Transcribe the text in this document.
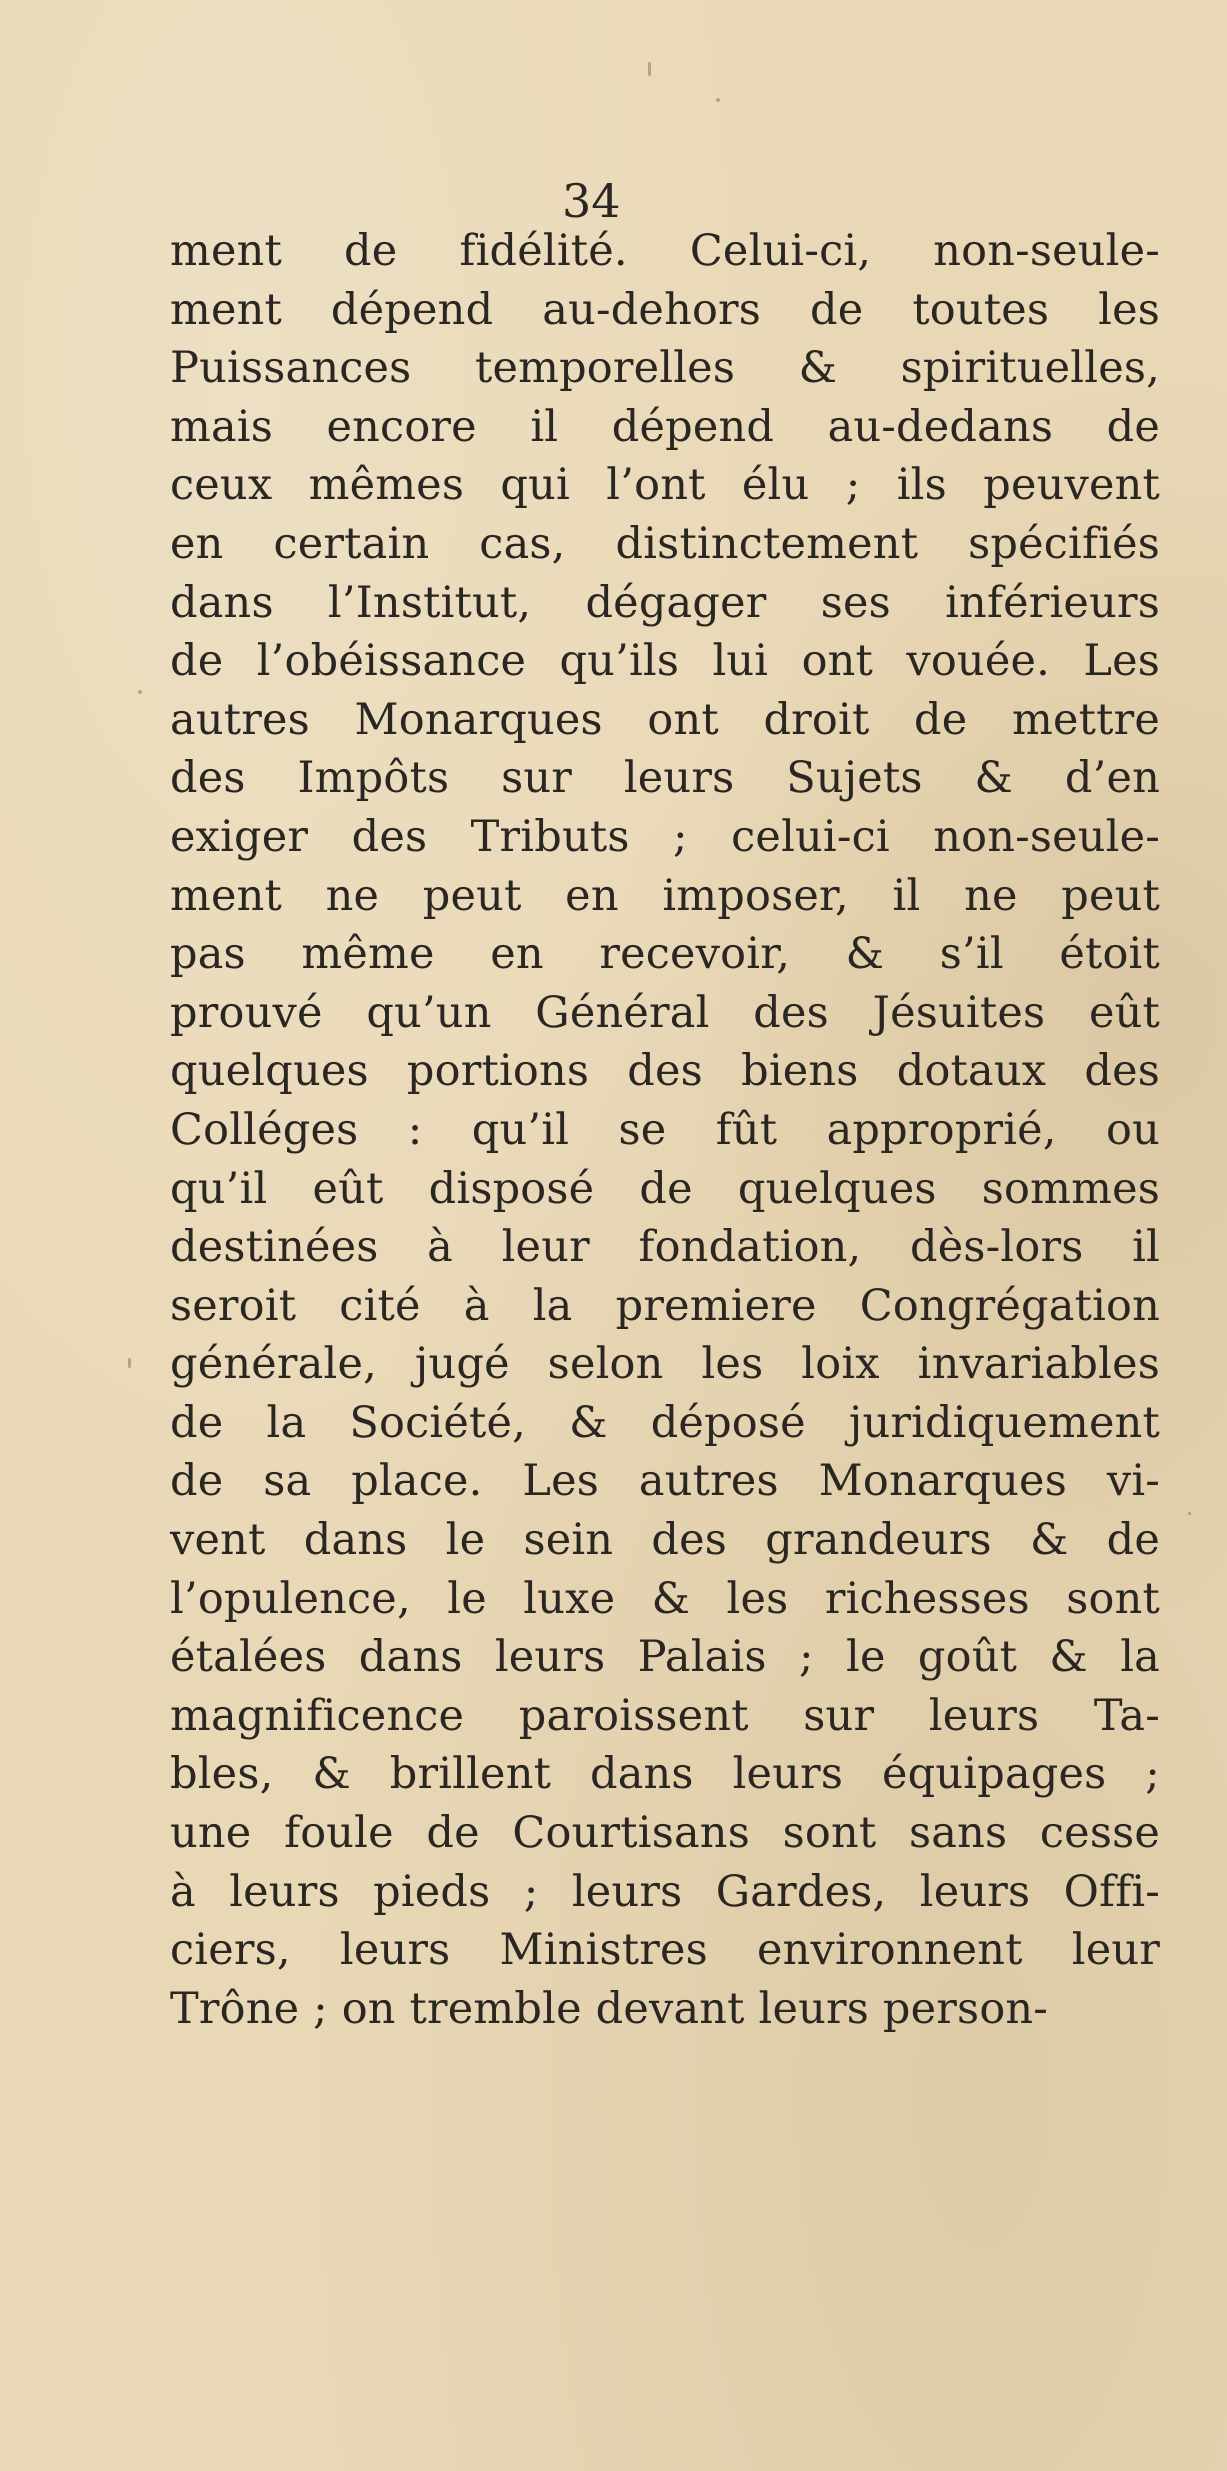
34
ment de fidélité. Celui-ci, non-seule-
ment dépend au-dehors de toutes les
Puissances temporelles & spirituelles,
mais encore il dépend au-dedans de
ceux mêmes qui l’ont élu ; ils peuvent
en certain cas, distinctement spécifiés
dans l’Institut, dégager ses inférieurs
de l’obéissance qu’ils lui ont vouée. Les
autres Monarques ont droit de mettre
des Impôts sur leurs Sujets & d’en
exiger des Tributs ; celui-ci non-seule-
ment ne peut en imposer, il ne peut
pas même en recevoir, & s’il étoit
prouvé qu’un Général des Jésuites eût
quelques portions des biens dotaux des
Colléges : qu’il se fût approprié, ou
qu’il eût disposé de quelques sommes
destinées à leur fondation, dès-lors il
seroit cité à la premiere Congrégation
générale, jugé selon les loix invariables
de la Société, & déposé juridiquement
de sa place. Les autres Monarques vi-
vent dans le sein des grandeurs & de
l’opulence, le luxe & les richesses sont
étalées dans leurs Palais ; le goût & la
magnificence paroissent sur leurs Ta-
bles, & brillent dans leurs équipages ;
une foule de Courtisans sont sans cesse
à leurs pieds ; leurs Gardes, leurs Offi-
ciers, leurs Ministres environnent leur
Trône ; on tremble devant leurs person-
